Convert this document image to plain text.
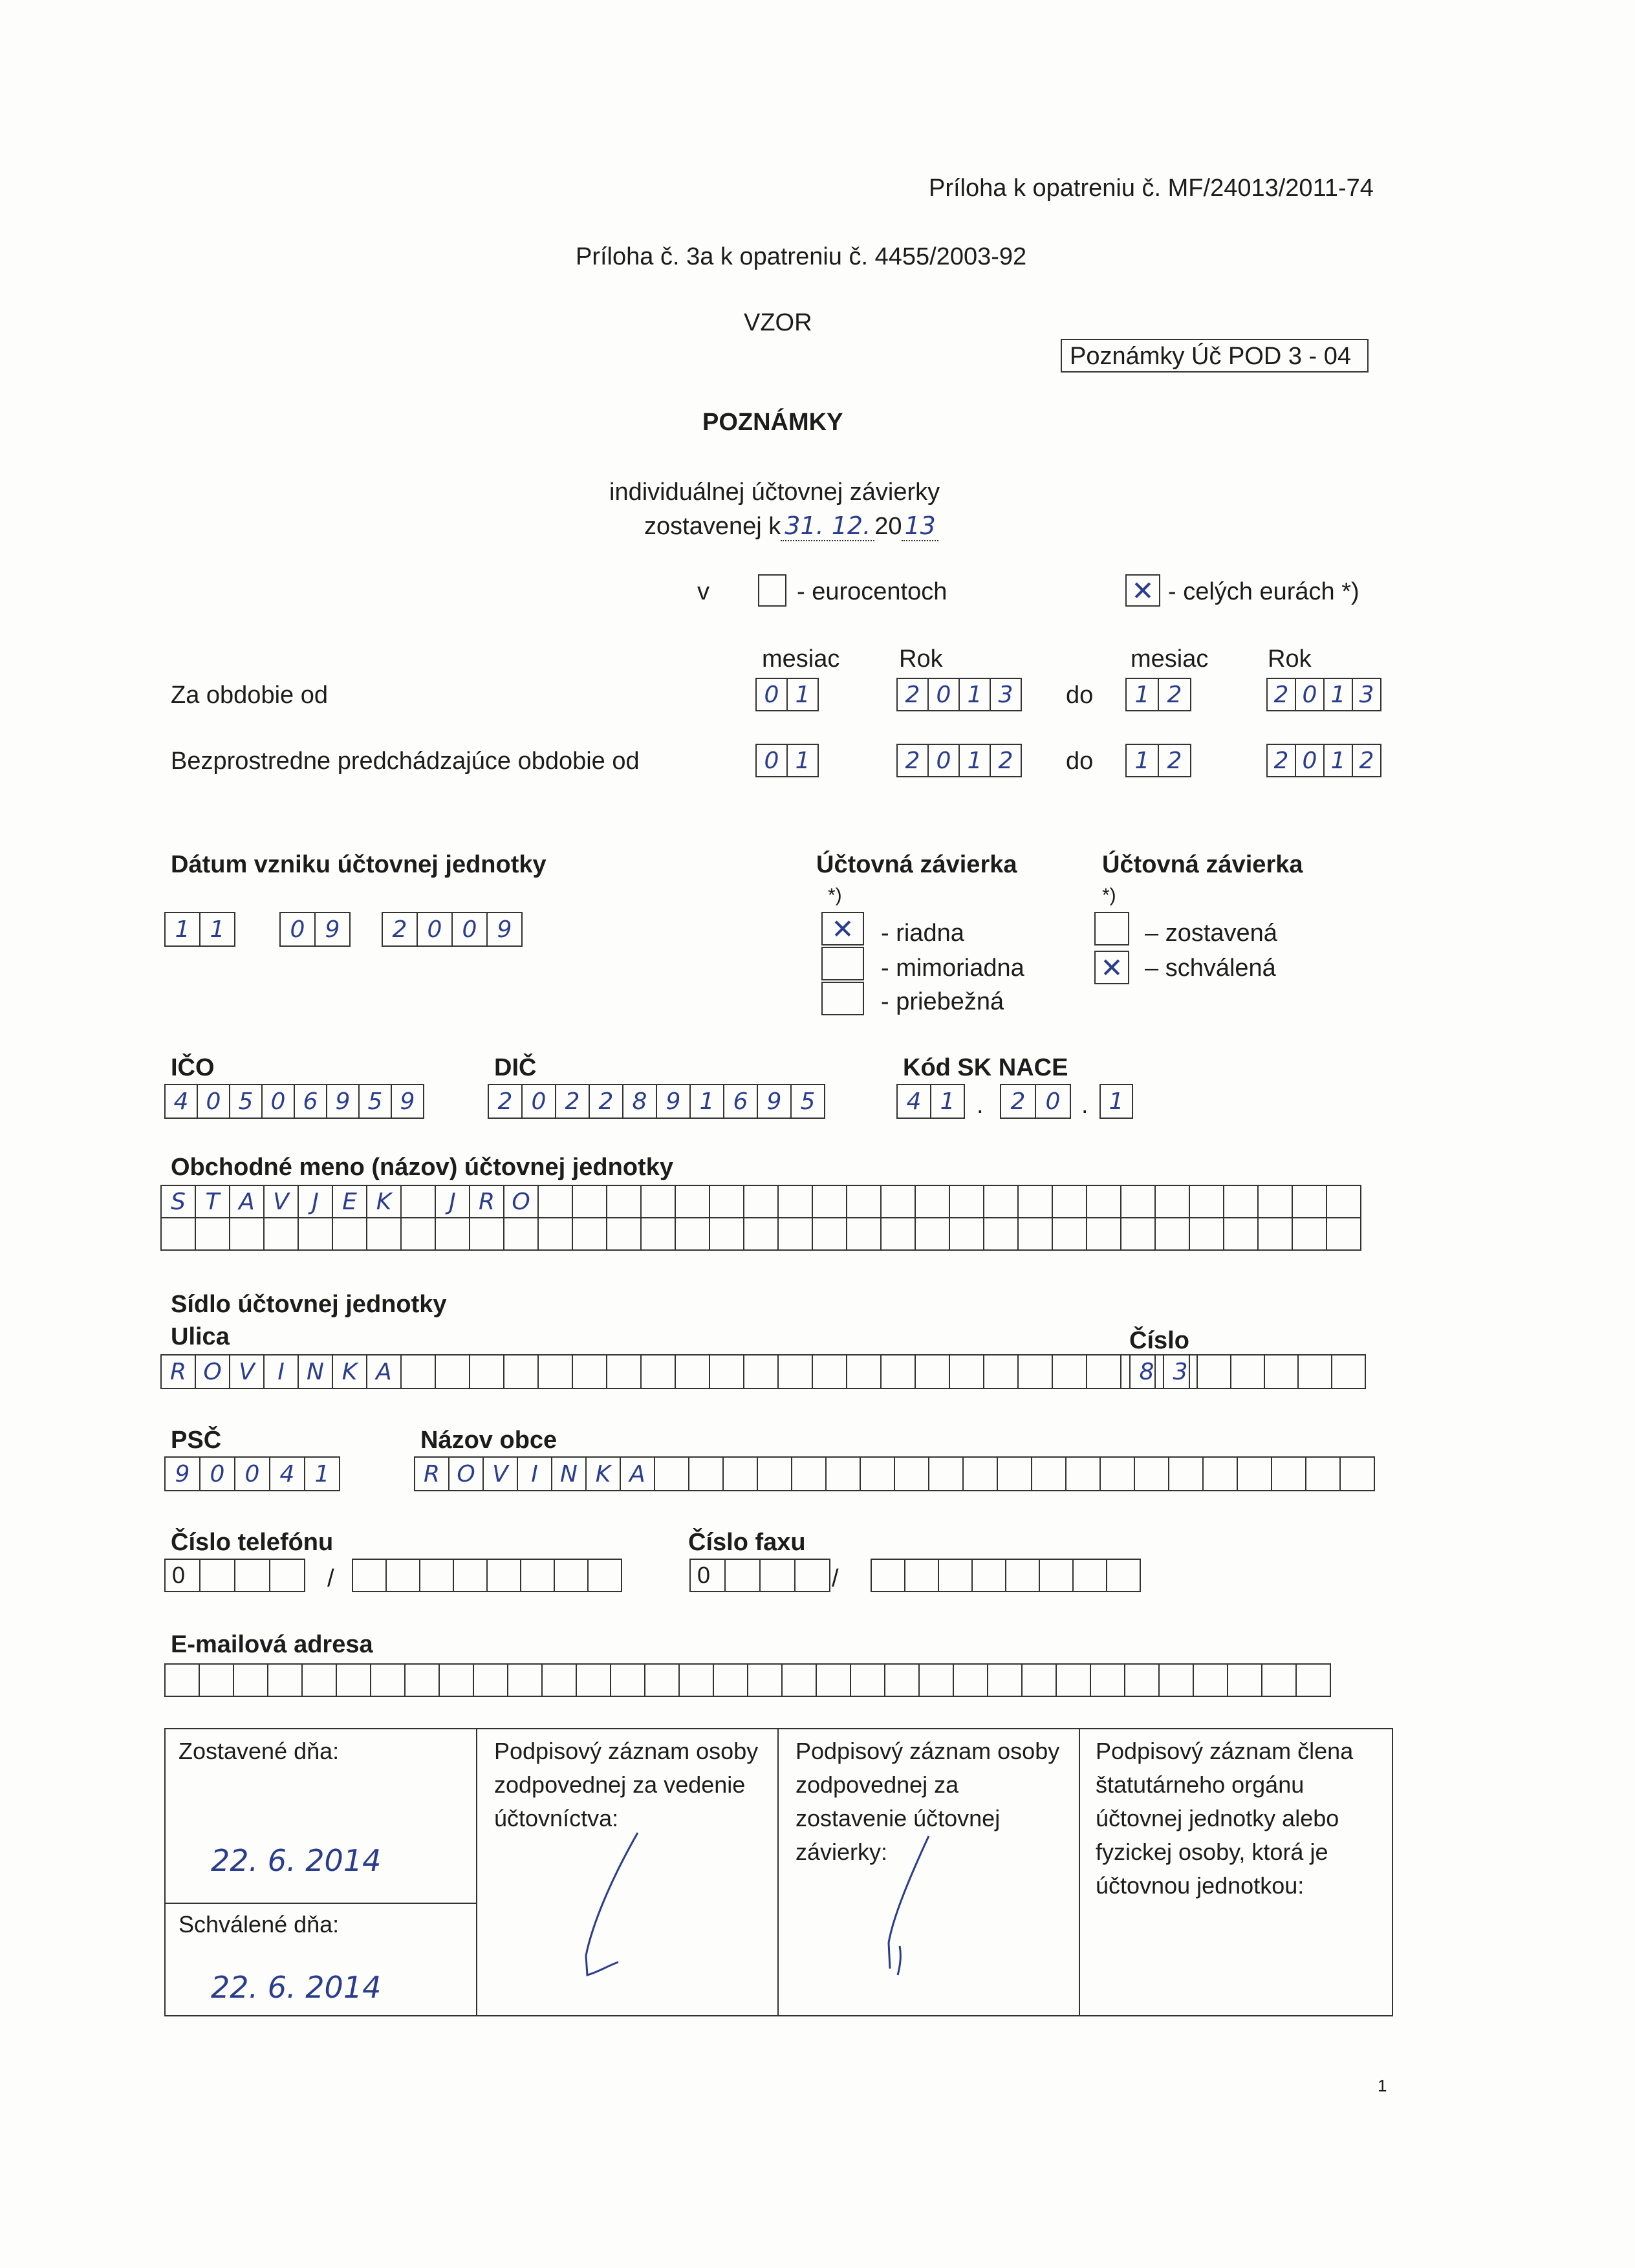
Príloha k opatreniu č. MF/24013/2011-74
Príloha č. 3a k opatreniu č. 4455/2003-92
VZOR
Poznámky Úč POD 3 - 04
POZNÁMKY
individuálnej účtovnej závierky
zostavenej k 31. 12. 20 13
v	- eurocentoch	✕ - celých eurách *)
mesiac Rok	mesiac Rok
Za obdobie od	0 1	2 0 1 3	do	1 2	2 0 1 3
Bezprostredne predchádzajúce obdobie od	0 1	2 0 1 2	do	1 2	2 0 1 2
Dátum vzniku účtovnej jednotky
1 1	0 9	2 0 0 9
Účtovná závierka
*)
✕	- riadna
- mimoriadna
- priebežná
Účtovná závierka
*)
✕
– zostavená
– schválená
IČO
4 0 5 0 6 9 5 9
DIČ
2 0 2 2 8 9 1 6 9 5
Kód SK NACE
4 1 .	2 0 . 1
Obchodné meno (názov) účtovnej jednotky
S T A V J	E K	J R O
Sídlo účtovnej jednotky
Ulica
R O V I N K A
Číslo
8 3
PSČ
9 0 0 4 1
Názov obce
R O V I N K A
Číslo telefónu
0	/
Číslo faxu
0	/
E-mailová adresa
Zostavené dňa:
22. 6. 2014
Schválené dňa:
22. 6. 2014
Podpisový záznam osoby
zodpovednej za vedenie
účtovníctva:
Podpisový záznam osoby
zodpovednej za
zostavenie účtovnej
závierky:
Podpisový záznam člena
štatutárneho orgánu
účtovnej jednotky alebo
fyzickej osoby, ktorá je
účtovnou jednotkou:
1
